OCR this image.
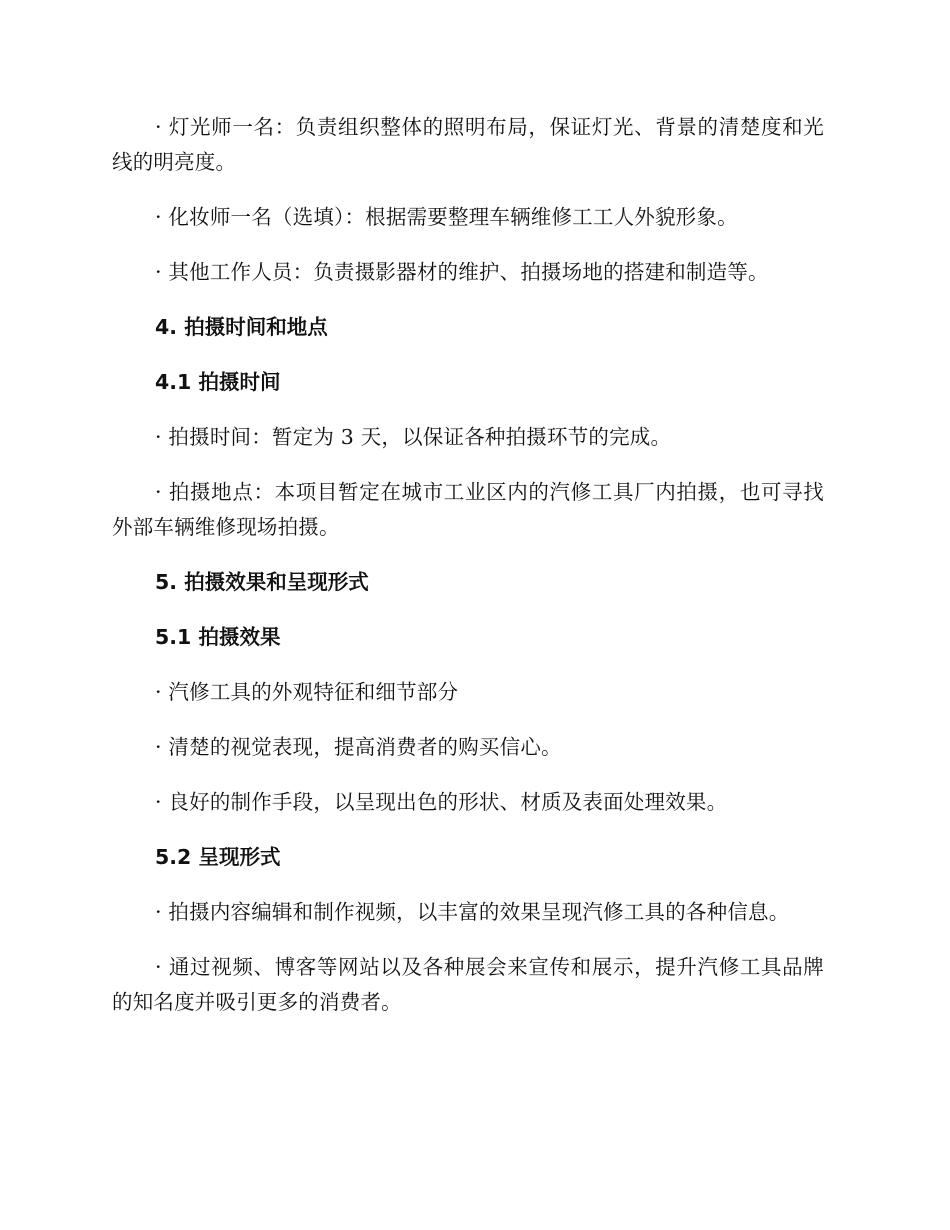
· 灯光师一名：负责组织整体的照明布局，保证灯光、背景的清楚度和光线的明亮度。

· 化妆师一名（选填）：根据需要整理车辆维修工工人外貌形象。

· 其他工作人员：负责摄影器材的维护、拍摄场地的搭建和制造等。

4. 拍摄时间和地点

4.1 拍摄时间

· 拍摄时间：暂定为 3 天，以保证各种拍摄环节的完成。

· 拍摄地点：本项目暂定在城市工业区内的汽修工具厂内拍摄，也可寻找外部车辆维修现场拍摄。

5. 拍摄效果和呈现形式

5.1 拍摄效果

· 汽修工具的外观特征和细节部分

· 清楚的视觉表现，提高消费者的购买信心。

· 良好的制作手段，以呈现出色的形状、材质及表面处理效果。

5.2 呈现形式

· 拍摄内容编辑和制作视频，以丰富的效果呈现汽修工具的各种信息。

· 通过视频、博客等网站以及各种展会来宣传和展示，提升汽修工具品牌的知名度并吸引更多的消费者。
